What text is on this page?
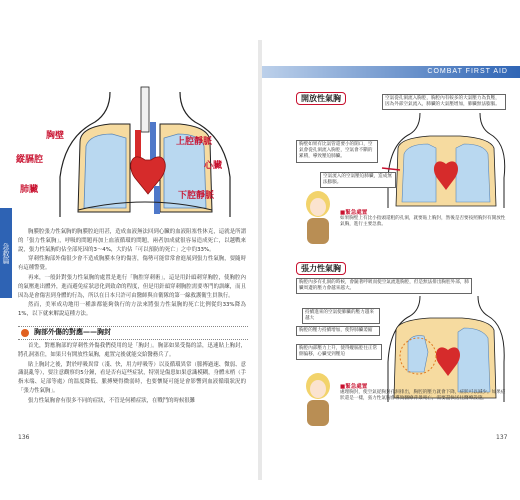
COMBAT FIRST AID
急救篇
胸壁
縱膈腔
肺臟
上腔靜脈
心臟
下腔靜脈

胸膜腔張力性氣胸的胸膜腔迫用甚，造成血液無法回到心臟的血液阻塞性休克，這就是所謂的「張力性氣胸」，呼吸的問題再加上血液循環的問題，兩者加成就很容易造成死亡，以越戰來說，張力性氣胸約佔全部死因的3～4%，大約佔「可以預防的死亡」之中約33%。

穿刺性胸部外傷很少會不造成胸膜本身的傷害，傷勢可能常常會進展到張力性氣胸，要隨時有這種警覺。

再來，一般針對張力性氣胸的處置是進行「胸腔穿刺術」，這是用針頭刺穿胸腔，使胸腔內的氣壓進出體外，進而避免症狀惡化到致命的程度，但是用針頭穿刺胸腔需要專門的訓練，而且因為是會傷害到身體的行為，所以在日本只許可由醫師與自衛隊的第一線救護衛生員執行。

然而，美軍成功地用一種誰都能夠執行的方法來將張力性氣胸的死亡比例從約33%降為1%，以下就來解說這種方法。

胸部外傷的對應——胸封

首先，對應胸部的穿刺性外傷我們使用的是「胸封」。胸部如果受傷的話，迅速貼上胸封，將孔洞塞住，如果只有開放性氣胸，處置完後就能交給醫務兵了。

貼上胸封之後，對於呼吸異常（淺、快，用力呼吸等）以及循環異常（脈搏過速、微弱、意識混亂等），要注意觀察約5分鐘，看是否有這些症狀，特別是傷患如果意識模糊，身體末梢（手指末端、足部等處）的溫度降低、脈搏變得微弱時，也要懷疑可能是會影響到血液循環狀況的「張力性氣胸」。

張力性氣胸會有很多不同的症狀，不管是何種症狀，在戰鬥的時候很難

136
開放性氣胸	空氣從孔洞流入胸腔，胸腔內有較多的大氣壓力為負壓，因為外部空氣流入，肺臟的大氣壓增加，肺臟無法膨脹。
胸壁如果有比氣管還要小的開口，空氣會從孔洞流入胸腔，空氣會不斷的累積，導致壓迫肺臟。
空氣流入的空氣壓迫肺臟，造成無法膨脹。
■緊急處置
如果胸壁上有比小指頭還粗的孔洞，就要貼上胸封，然後是否要按照胸封有開放性氣胸，進行主要急救。
張力性氣胸
胸腔內多有孔洞的時候，會隨著呼吸而使空氣流進胸腔，但是無法排出胸腔外部，肺臟周邊的壓力會越來越大。
持續進來的空氣使肺臟的壓力越來越大
胸腔的壓力持續增加，使得肺臟萎縮
胸腔內部壓力上升，使得縱膈腔往正常側偏移，心臟受到壓迫
■緊急處置
處理胸封，使空氣從胸封孔洞排出，胸腔的壓力就會下降，症狀可以減少。如果症狀還是一樣，張力性氣胸會導致醫療背景死亡，需要盡快送往醫療設施。
137
